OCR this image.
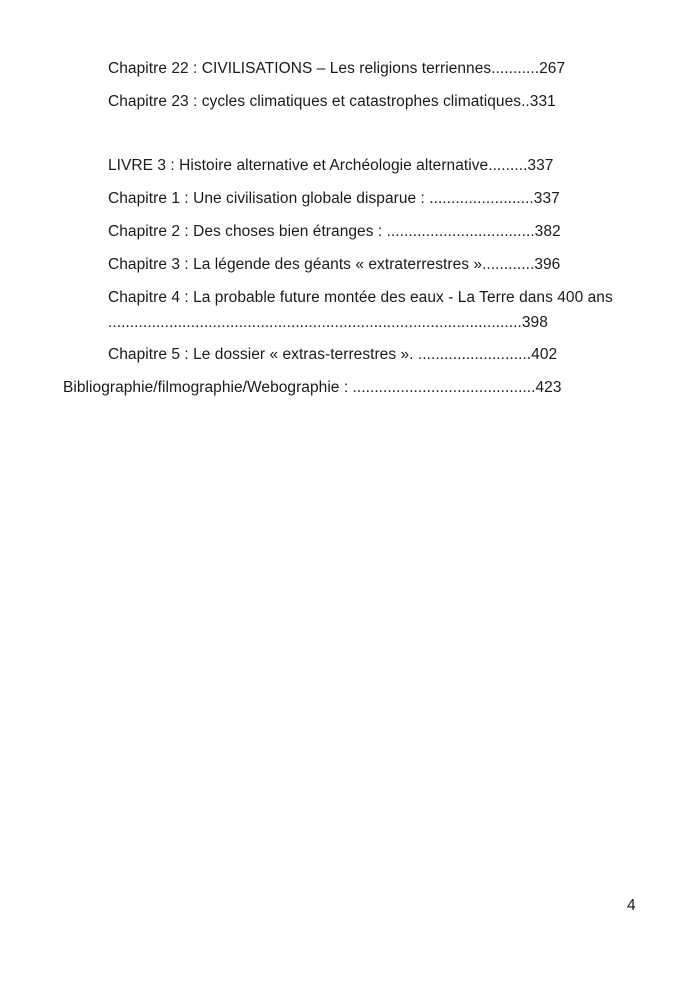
Chapitre 22 : CIVILISATIONS – Les religions terriennes...........267
Chapitre 23 : cycles climatiques et catastrophes climatiques..331
LIVRE 3 : Histoire alternative et Archéologie alternative.........337
Chapitre 1 : Une civilisation globale disparue : ........................337
Chapitre 2 : Des choses bien étranges : ..................................382
Chapitre 3 : La légende des géants « extraterrestres »............396
Chapitre 4 : La probable future montée des eaux - La Terre dans 400 ans
...............................................................................................398
Chapitre 5 : Le dossier « extras-terrestres ». ..........................402
Bibliographie/filmographie/Webographie : ..........................................423
4
